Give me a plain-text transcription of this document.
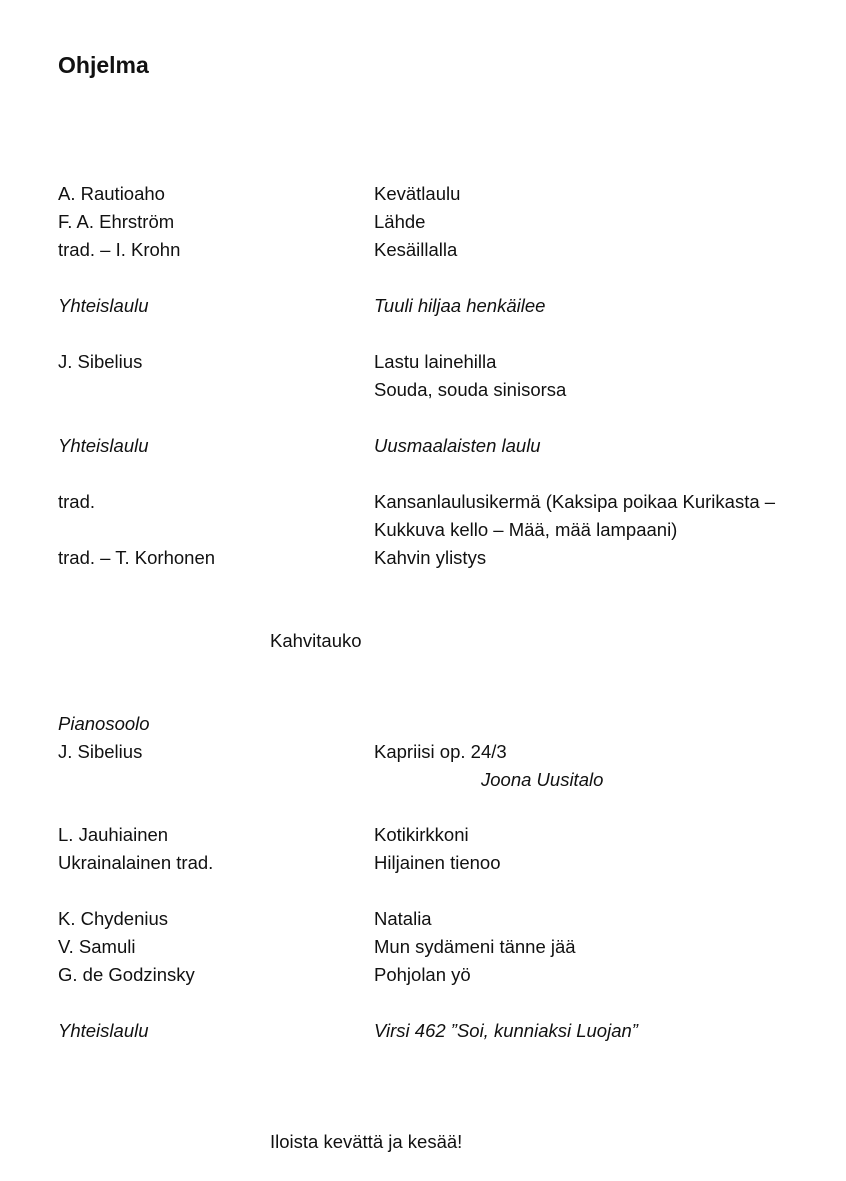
Ohjelma
A. Rautioaho	Kevätlaulu
F. A. Ehrström	Lähde
trad. – I. Krohn	Kesäillalla
Yhteislaulu	Tuuli hiljaa henkäilee
J. Sibelius	Lastu lainehilla
Souda, souda sinisorsa
Yhteislaulu	Uusmaalaisten laulu
trad.	Kansanlaulusikermä (Kaksipa poikaa Kurikasta –
Kukkuva kello – Mää, mää lampaani)
trad. – T. Korhonen	Kahvin ylistys
Kahvitauko
Pianosoolo
J. Sibelius	Kapriisi op. 24/3
Joona Uusitalo
L. Jauhiainen	Kotikirkkoni
Ukrainalainen trad.	Hiljainen tienoo
K. Chydenius	Natalia
V. Samuli	Mun sydämeni tänne jää
G. de Godzinsky	Pohjolan yö
Yhteislaulu	Virsi 462 ”Soi, kunniaksi Luojan”
Iloista kevättä ja kesää!
